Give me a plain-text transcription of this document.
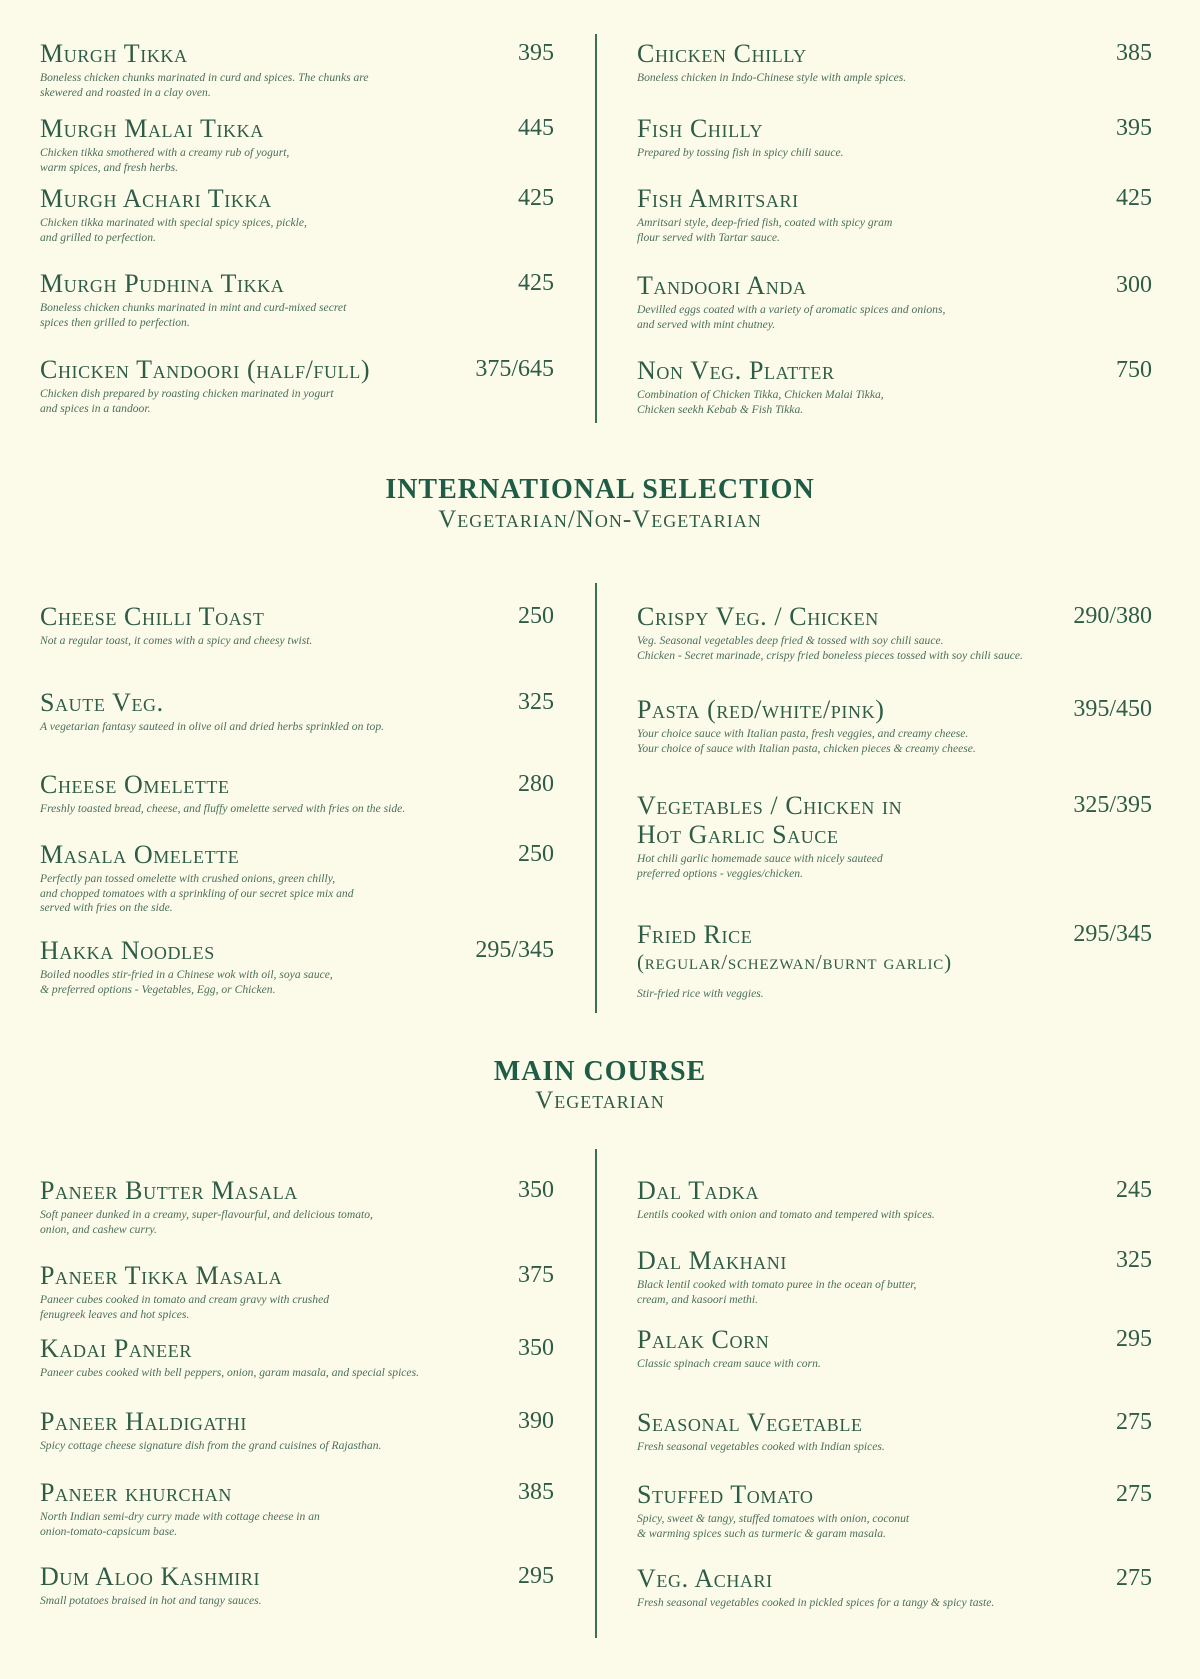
Murgh Tikka	395
Boneless chicken chunks marinated in curd and spices. The chunks are
skewered and roasted in a clay oven.
Murgh Malai Tikka	445
Chicken tikka smothered with a creamy rub of yogurt,
warm spices, and fresh herbs.
Murgh Achari Tikka	425
Chicken tikka marinated with special spicy spices, pickle,
and grilled to perfection.
Murgh Pudhina Tikka	425
Boneless chicken chunks marinated in mint and curd-mixed secret
spices then grilled to perfection.
Chicken Tandoori (half/full)	375/645
Chicken dish prepared by roasting chicken marinated in yogurt
and spices in a tandoor.
Chicken Chilly	385
Boneless chicken in Indo-Chinese style with ample spices.
Fish Chilly	395
Prepared by tossing fish in spicy chili sauce.
Fish Amritsari	425
Amritsari style, deep-fried fish, coated with spicy gram
flour served with Tartar sauce.
Tandoori Anda	300
Devilled eggs coated with a variety of aromatic spices and onions,
and served with mint chutney.
Non Veg. Platter	750
Combination of Chicken Tikka, Chicken Malai Tikka,
Chicken seekh Kebab & Fish Tikka.
INTERNATIONAL SELECTION
Vegetarian/Non-Vegetarian
Cheese Chilli Toast	250
Not a regular toast, it comes with a spicy and cheesy twist.
Saute Veg.	325
A vegetarian fantasy sauteed in olive oil and dried herbs sprinkled on top.
Cheese Omelette	280
Freshly toasted bread, cheese, and fluffy omelette served with fries on the side.
Masala Omelette	250
Perfectly pan tossed omelette with crushed onions, green chilly,
and chopped tomatoes with a sprinkling of our secret spice mix and
served with fries on the side.
Hakka Noodles	295/345
Boiled noodles stir-fried in a Chinese wok with oil, soya sauce,
& preferred options - Vegetables, Egg, or Chicken.
Crispy Veg. / Chicken	290/380
Veg. Seasonal vegetables deep fried & tossed with soy chili sauce.
Chicken - Secret marinade, crispy fried boneless pieces tossed with soy chili sauce.
Pasta (red/white/pink)	395/450
Your choice sauce with Italian pasta, fresh veggies, and creamy cheese.
Your choice of sauce with Italian pasta, chicken pieces & creamy cheese.
Vegetables / Chicken in
Hot Garlic Sauce
325/395
Hot chili garlic homemade sauce with nicely sauteed
preferred options - veggies/chicken.
Fried Rice
(regular/schezwan/burnt garlic)
295/345
Stir-fried rice with veggies.
MAIN COURSE
Vegetarian
Paneer Butter Masala	350
Soft paneer dunked in a creamy, super-flavourful, and delicious tomato,
onion, and cashew curry.
Paneer Tikka Masala	375
Paneer cubes cooked in tomato and cream gravy with crushed
fenugreek leaves and hot spices.
Kadai Paneer	350
Paneer cubes cooked with bell peppers, onion, garam masala, and special spices.
Paneer Haldigathi	390
Spicy cottage cheese signature dish from the grand cuisines of Rajasthan.
Paneer khurchan	385
North Indian semi-dry curry made with cottage cheese in an
onion-tomato-capsicum base.
Dum Aloo Kashmiri	295
Small potatoes braised in hot and tangy sauces.
Dal Tadka	245
Lentils cooked with onion and tomato and tempered with spices.
Dal Makhani	325
Black lentil cooked with tomato puree in the ocean of butter,
cream, and kasoori methi.
Palak Corn	295
Classic spinach cream sauce with corn.
Seasonal Vegetable	275
Fresh seasonal vegetables cooked with Indian spices.
Stuffed Tomato	275
Spicy, sweet & tangy, stuffed tomatoes with onion, coconut
& warming spices such as turmeric & garam masala.
Veg. Achari	275
Fresh seasonal vegetables cooked in pickled spices for a tangy & spicy taste.
